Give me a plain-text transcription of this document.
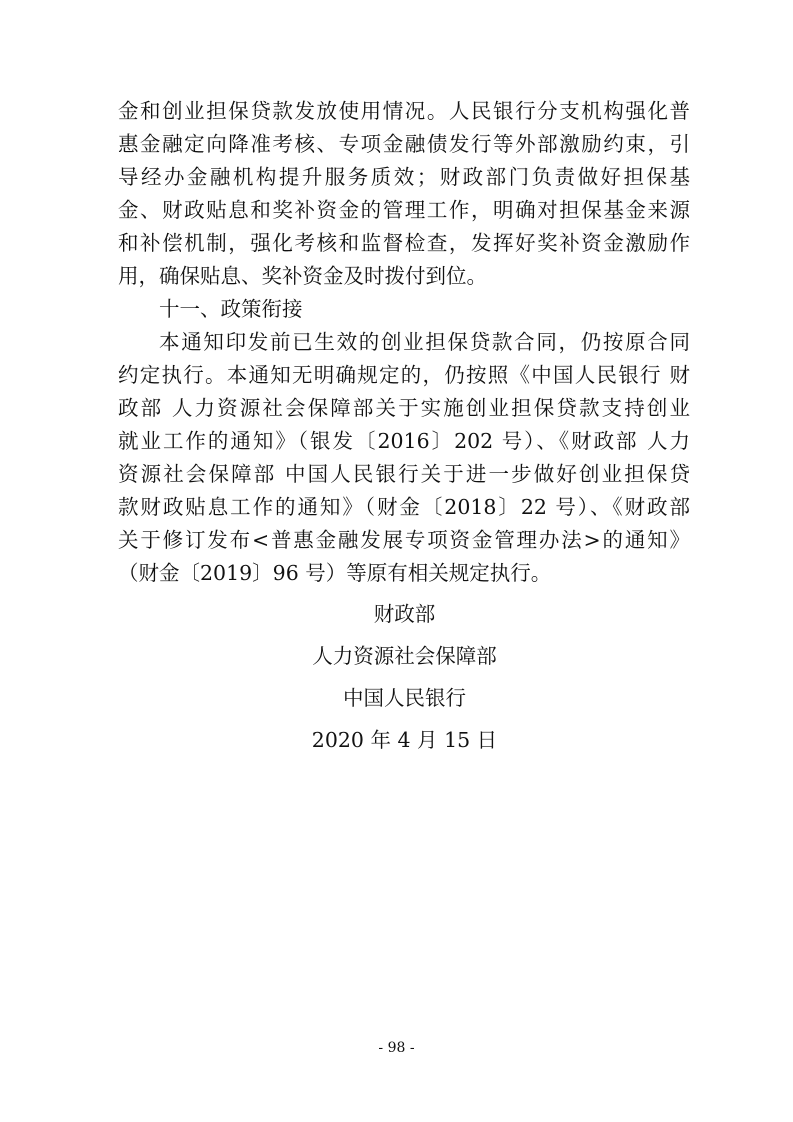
金和创业担保贷款发放使用情况。人民银行分支机构强化普
惠金融定向降准考核、专项金融债发行等外部激励约束，引
导经办金融机构提升服务质效；财政部门负责做好担保基
金、财政贴息和奖补资金的管理工作，明确对担保基金来源
和补偿机制，强化考核和监督检查，发挥好奖补资金激励作
用，确保贴息、奖补资金及时拨付到位。
十一、政策衔接
本通知印发前已生效的创业担保贷款合同，仍按原合同
约定执行。本通知无明确规定的，仍按照《中国人民银行 财
政部 人力资源社会保障部关于实施创业担保贷款支持创业
就业工作的通知》（银发〔2016〕202 号）、《财政部 人力
资源社会保障部 中国人民银行关于进一步做好创业担保贷
款财政贴息工作的通知》（财金〔2018〕22 号）、《财政部
关于修订发布<普惠金融发展专项资金管理办法>的通知》
（财金〔2019〕96 号）等原有相关规定执行。
财政部
人力资源社会保障部
中国人民银行
2020 年 4 月 15 日
- 98 -
